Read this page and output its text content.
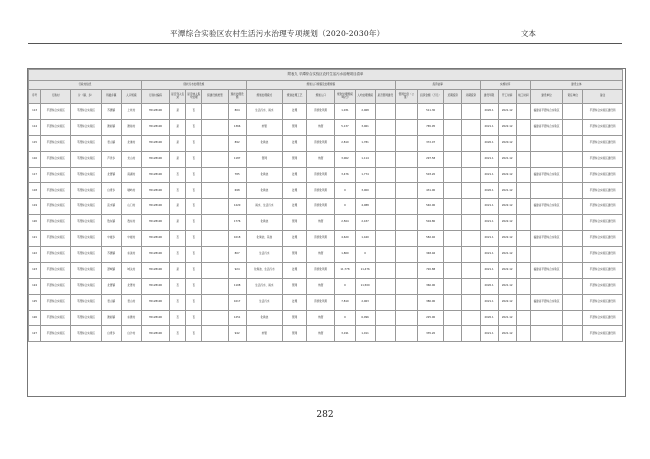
平潭综合实验区农村生活污水治理专项规划（2020-2030年）	文本
附表九 平潭综合实验区农村生活污水治理项目清单																									
行政村信息					现状污水处理设施					规划人口规模及处理规模						投资估算				实施时序			建设主体		
序号	行政村	片（镇、乡）	所属乡镇	人口规模	行政村编码	是否列入名录	是否纳入集中处理	拟建设施类型	现状处理设施	规划处理模式	规划处理工艺	规划人口	规划处理规模（吨/日）	人均处理规模	是否管网建设	管网长度（公里）	投资金额（万元）	近期投资	远期投资	建设年限	开工时间	竣工时间	建设单位	责任单位	备注
113	平潭综合实验区	平潭综合实验区	苏澳镇	上坑村	35128100	是	否		804	生活污水、雨水	处理	资源化利用	1,031	2,068			511.30			2020.1	2021.12		福建省平潭综合实验区		平潭综合实验区建设局
114	平潭综合实验区	平潭综合实验区	澳前镇	澳前村	35128100	是	否		1366	纳管	管网	纳管	5,137	3,061			765.95			2021.1	2022.12		福建省平潭综合实验区		平潭综合实验区建设局
115	平潭综合实验区	平潭综合实验区	君山镇	北港村	35128100	是	否		892	化粪池	处理	资源化利用	2,810	1,781			372.07			2020.1	2020.12				平潭综合实验区建设局
116	平潭综合实验区	平潭综合实验区	芦洋乡	龙山村	35128100	是	否		1187	管网	管网	纳管	3,062	1,114			297.58			2021.1	2021.12				平潭综合实验区建设局
117	平潭综合实验区	平潭综合实验区	北厝镇	南湖村	35128100	否	否		785	化粪池	处理	资源化利用	3,476	1,774			503.20			2021.1	2022.12		福建省平潭综合实验区		平潭综合实验区建设局
118	平潭综合实验区	平潭综合实验区	白青乡	塘屿村	35128100	否	否		698	化粪池	处理	资源化利用	0	3,000			431.00			2020.1	2021.12				平潭综合实验区建设局
119	平潭综合实验区	平潭综合实验区	流水镇	山门村	35128100	是	否		1220	雨水、生活污水	处理	资源化利用	0	4,088			540.00			2021.1	2022.12		福建省平潭综合实验区		平潭综合实验区建设局
120	平潭综合实验区	平潭综合实验区	敖东镇	敖东村	35128100	是	否		1776	化粪池	管网	纳管	2,564	2,437			504.80			2021.1	2022.12				平潭综合实验区建设局
121	平潭综合实验区	平潭综合实验区	中楼乡	中楼村	35128100	否	否		1018	化粪池、其他	处理	资源化利用	4,620	1,440			582.40			2021.1	2022.12		福建省平潭综合实验区		平潭综合实验区建设局
122	平潭综合实验区	平潭综合实验区	苏澳镇	东美村	35128100	否	否		807	生活污水	管网	纳管	1,800	0			348.46			2021.1	2021.12				平潭综合实验区建设局
123	平潭综合实验区	平潭综合实验区	潭城镇	城关村	35128100	是	否		924	化粪池、生活污水	处理	资源化利用	11,778	11,476			720.88			2021.1	2022.12		福建省平潭综合实验区		平潭综合实验区建设局
124	平潭综合实验区	平潭综合实验区	北厝镇	北厝村	35128100	否	否		1108	生活污水、雨水	管网	纳管	0	11,500			360.00			2020.1	2021.12				平潭综合实验区建设局
125	平潭综合实验区	平潭综合实验区	君山镇	君山村	35128100	否	否		1017	生活污水	处理	资源化利用	7,810	2,063			380.00			2021.1	2022.12		福建省平潭综合实验区		平潭综合实验区建设局
126	平潭综合实验区	平潭综合实验区	澳前镇	东澳村	35128100	否	否		1251	化粪池	管网	纳管	0	6,096			225.00			2020.1	2021.12				平潭综合实验区建设局
127	平潭综合实验区	平潭综合实验区	白青乡	白沙村	35128100	否	否		942	纳管	管网	纳管	3,191	1,011			335.20			2021.1	2021.12				平潭综合实验区建设局
282
